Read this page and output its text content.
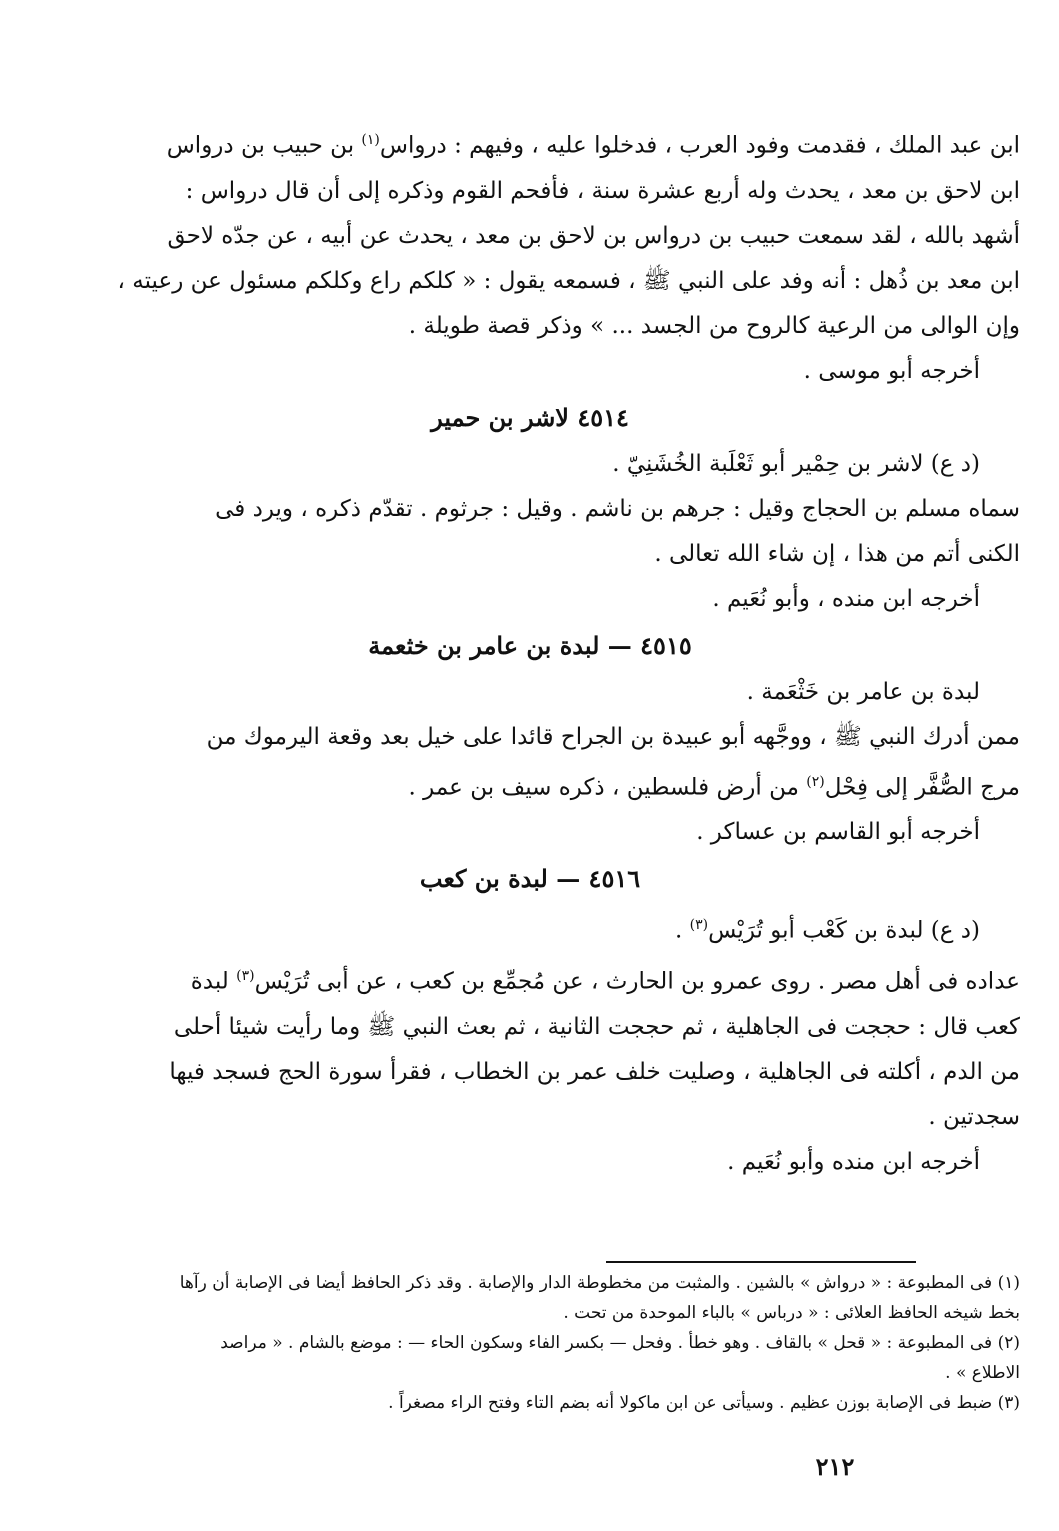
ابن عبد الملك ، فقدمت وفود العرب ، فدخلوا عليه ، وفيهم : درواس$^{(١)}$ بن حبيب بن درواس

ابن لاحق بن معد ، يحدث وله أربع عشرة سنة ، فأفحم القوم وذكره إلى أن قال درواس :

أشهد بالله ، لقد سمعت حبيب بن درواس بن لاحق بن معد ، يحدث عن أبيه ، عن جدّه لاحق

ابن معد بن ذُهل : أنه وفد على النبي ﷺ ، فسمعه يقول : « كلكم راع وكلكم مسئول عن رعيته ،

وإن الوالى من الرعية كالروح من الجسد ... » وذكر قصة طويلة .

أخرجه أبو موسى .

٤٥١٤ لاشر بن حمير

(د ع) لاشر بن حِمْير أبو ثَعْلَبة الخُشَنِيّ .

سماه مسلم بن الحجاج وقيل : جرهم بن ناشم . وقيل : جرثوم . تقدّم ذكره ، ويرد فى

الكنى أتم من هذا ، إن شاء الله تعالى .

أخرجه ابن منده ، وأبو نُعَيم .

٤٥١٥ — لبدة بن عامر بن خثعمة

لبدة بن عامر بن خَثْعَمة .

ممن أدرك النبي ﷺ ، ووجَّهه أبو عبيدة بن الجراح قائدا على خيل بعد وقعة اليرموك من

مرج الصُّفَّر إلى فِحْل$^{(٢)}$ من أرض فلسطين ، ذكره سيف بن عمر .

أخرجه أبو القاسم بن عساكر .

٤٥١٦ — لبدة بن كعب

(د ع) لبدة بن كَعْب أبو تُرَيْس$^{(٣)}$ .

عداده فى أهل مصر . روى عمرو بن الحارث ، عن مُجمِّع بن كعب ، عن أبى تُرَيْس$^{(٣)}$ لبدة

كعب قال : حججت فى الجاهلية ، ثم حججت الثانية ، ثم بعث النبي ﷺ وما رأيت شيئا أحلى

من الدم ، أكلته فى الجاهلية ، وصليت خلف عمر بن الخطاب ، فقرأ سورة الحج فسجد فيها

سجدتين .

أخرجه ابن منده وأبو نُعَيم .

(١) فى المطبوعة : « درواش » بالشين . والمثبت من مخطوطة الدار والإصابة . وقد ذكر الحافظ أيضا فى الإصابة أن رآها

بخط شيخه الحافظ العلائى : « درباس » بالباء الموحدة من تحت .

(٢) فى المطبوعة : « قحل » بالقاف . وهو خطأ . وفحل — بكسر الفاء وسكون الحاء — : موضع بالشام . « مراصد

الاطلاع » .

(٣) ضبط فى الإصابة بوزن عظيم . وسيأتى عن ابن ماكولا أنه بضم التاء وفتح الراء مصغراً .

٢١٢
